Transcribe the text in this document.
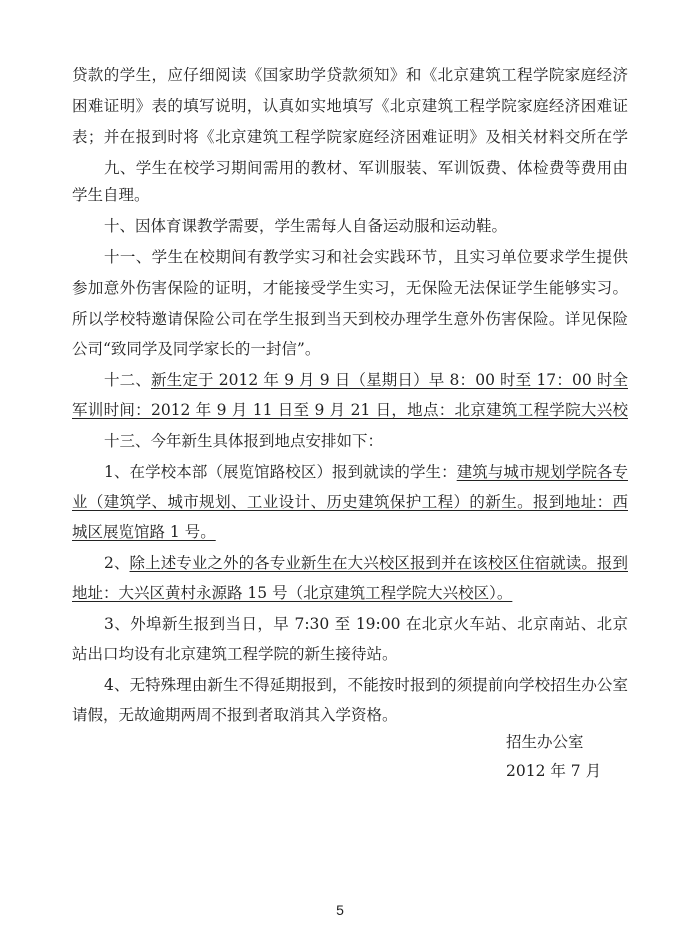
贷款的学生，应仔细阅读《国家助学贷款须知》和《北京建筑工程学院家庭经济
困难证明》表的填写说明，认真如实地填写《北京建筑工程学院家庭经济困难证
表；并在报到时将《北京建筑工程学院家庭经济困难证明》及相关材料交所在学
九、学生在校学习期间需用的教材、军训服装、军训饭费、体检费等费用由
学生自理。
十、因体育课教学需要，学生需每人自备运动服和运动鞋。
十一、学生在校期间有教学实习和社会实践环节，且实习单位要求学生提供
参加意外伤害保险的证明，才能接受学生实习，无保险无法保证学生能够实习。
所以学校特邀请保险公司在学生报到当天到校办理学生意外伤害保险。详见保险
公司“致同学及同学家长的一封信”。
十二、新生定于 2012 年 9 月 9 日（星期日）早 8：00 时至 17：00 时全
军训时间：2012 年 9 月 11 日至 9 月 21 日，地点：北京建筑工程学院大兴校
十三、今年新生具体报到地点安排如下：
1、在学校本部（展览馆路校区）报到就读的学生：建筑与城市规划学院各专
业（建筑学、城市规划、工业设计、历史建筑保护工程）的新生。报到地址：西
城区展览馆路 1 号。
2、除上述专业之外的各专业新生在大兴校区报到并在该校区住宿就读。报到
地址：大兴区黄村永源路 15 号（北京建筑工程学院大兴校区）。
3、外埠新生报到当日，早 7:30 至 19:00 在北京火车站、北京南站、北京
站出口均设有北京建筑工程学院的新生接待站。
4、无特殊理由新生不得延期报到，不能按时报到的须提前向学校招生办公室
请假，无故逾期两周不报到者取消其入学资格。
招生办公室
2012 年 7 月
5
